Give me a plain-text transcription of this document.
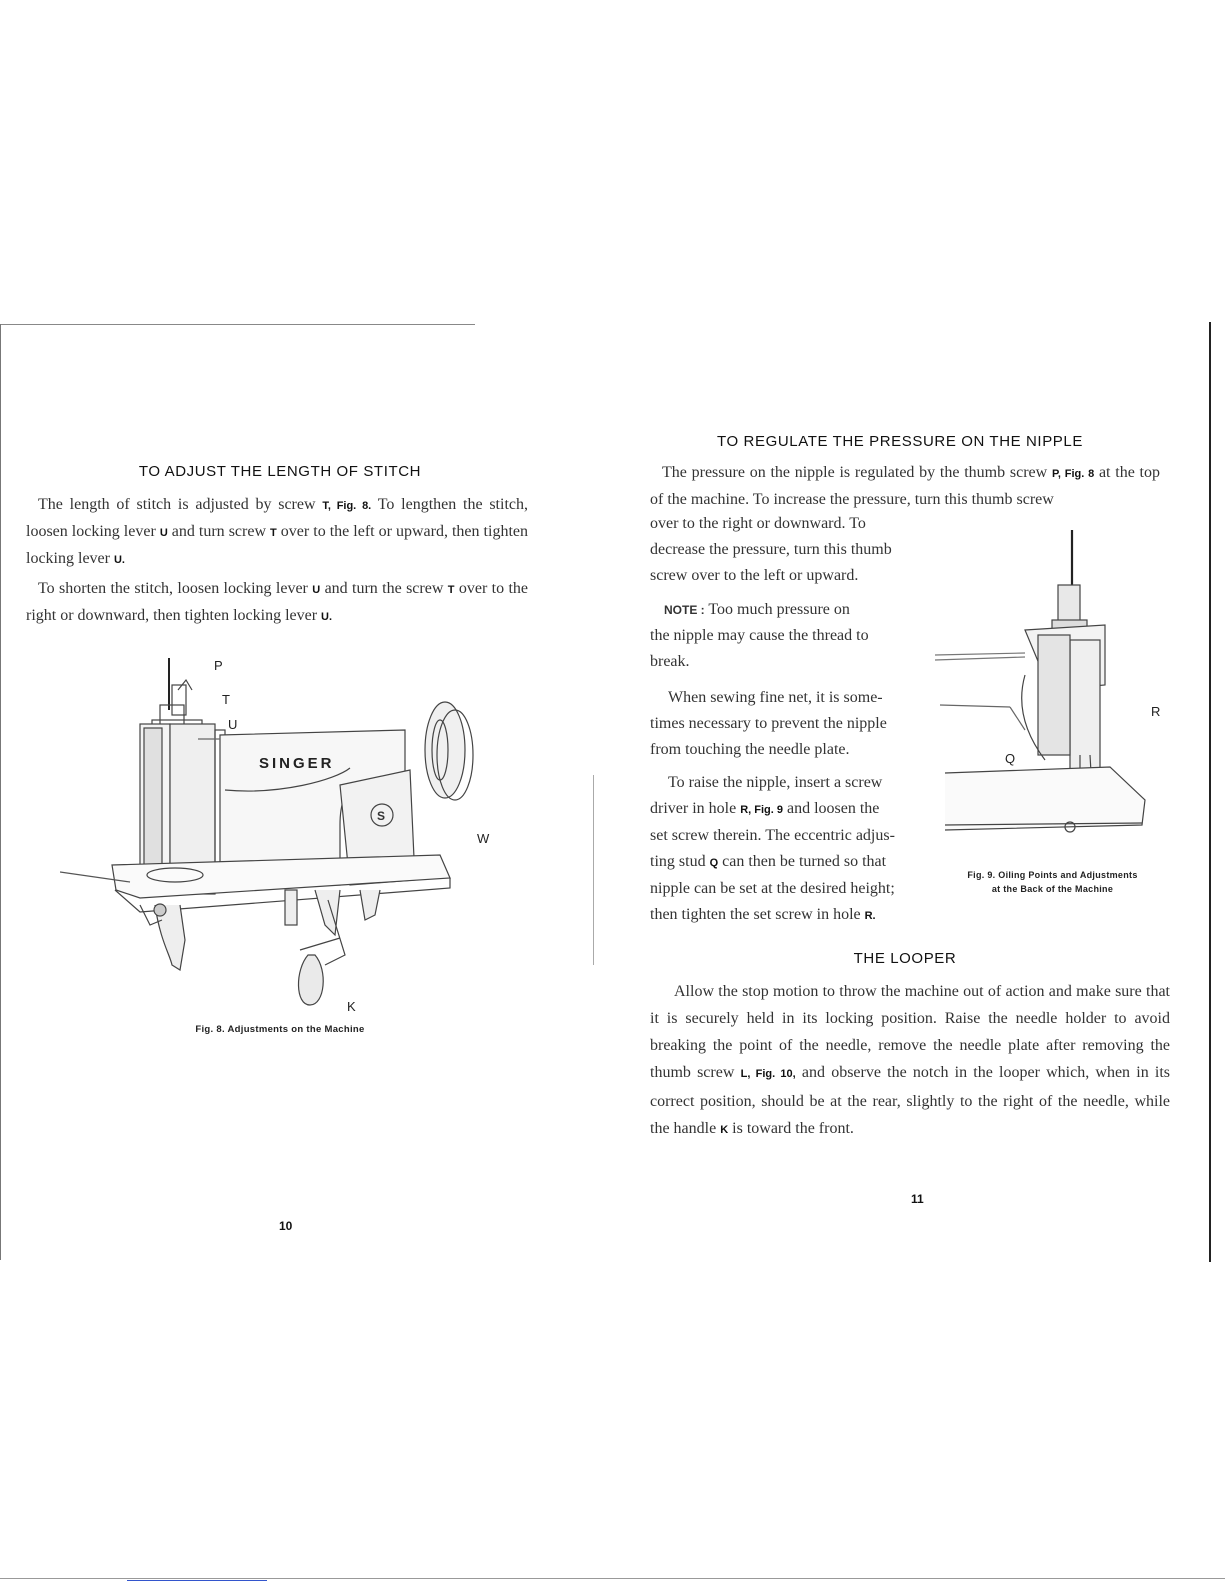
TO ADJUST THE LENGTH OF STITCH
The length of stitch is adjusted by screw T, Fig. 8. To lengthen the stitch, loosen locking lever U and turn screw T over to the left or upward, then tighten locking lever U.
To shorten the stitch, loosen locking lever U and turn the screw T over to the right or downward, then tighten locking lever U.
SINGER
S
P
T
U
W
K
Fig. 8. Adjustments on the Machine
10
TO REGULATE THE PRESSURE ON THE NIPPLE
The pressure on the nipple is regulated by the thumb screw P, Fig. 8 at the top of the machine. To increase the pressure, turn this thumb screw
over to the right or downward. To
decrease the pressure, turn this thumb
screw over to the left or upward.
NOTE : Too much pressure on
the nipple may cause the thread to
break.
When sewing fine net, it is some-
times necessary to prevent the nipple
from touching the needle plate.
To raise the nipple, insert a screw
driver in hole R, Fig. 9 and loosen the
set screw therein. The eccentric adjus-
ting stud Q can then be turned so that
nipple can be set at the desired height;
then tighten the set screw in hole R.
Q
R
Fig. 9. Oiling Points and Adjustments
at the Back of the Machine
THE LOOPER
Allow the stop motion to throw the machine out of action and make sure that it is securely held in its locking position. Raise the needle holder to avoid breaking the point of the needle, remove the needle plate after removing the thumb screw L, Fig. 10, and observe the notch in the looper which, when in its correct position, should be at the rear, slightly to the right of the needle, while the handle K is toward the front.
11
